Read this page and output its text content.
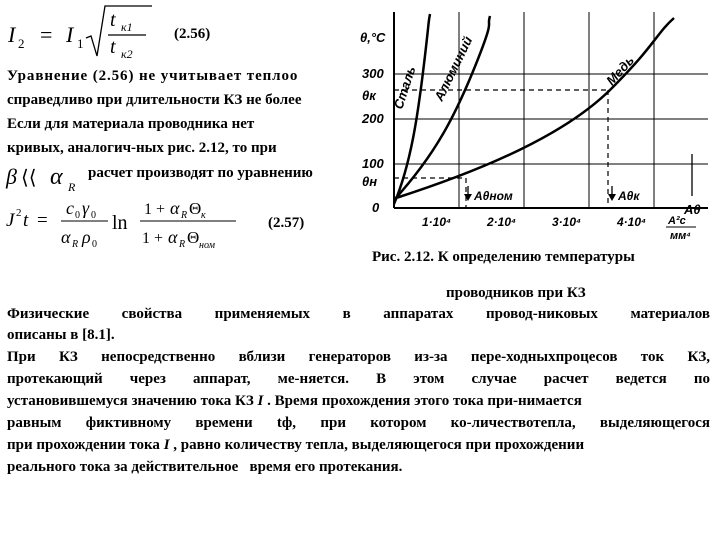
I 2 = I 1
t к1
t к2
(2.56)
Уравнение (2.56) не учитывает теплоо
справедливо при длительности КЗ не более
Если для материала проводника нет
кривых, аналогич-ных рис. 2.12, то при
β ⟨⟨ α R
расчет производят по уравнению
J 2 t =
c 0 γ 0
α R ρ 0
ln
1 + α R Θ к
1 + α R Θ ном
(2.57)
θ,°С
300
θк
200
100
θн
0
1·10⁴	2·10⁴	3·10⁴	4·10⁴
Aθ
А²с
мм⁴
Aθном	Aθк
Сталь Алюминий	Медь
Рис. 2.12. К определению температуры
проводников при КЗ
Физические свойства применяемых в аппаратах провод-никовых материалов
описаны в [8.1].
При КЗ непосредственно вблизи генераторов из-за пере-ходныхпроцесов ток КЗ,
протекающий через аппарат, ме-няется. В этом случае расчет ведется по
установившемуся значению тока КЗ I . Время прохождения этого тока при-нимается
равным фиктивному времени tф, при котором ко-личествотепла, выделяющегося
при прохождении тока I , равно количеству тепла, выделяющегося при прохождении
реального тока за действительное   время его протекания.
